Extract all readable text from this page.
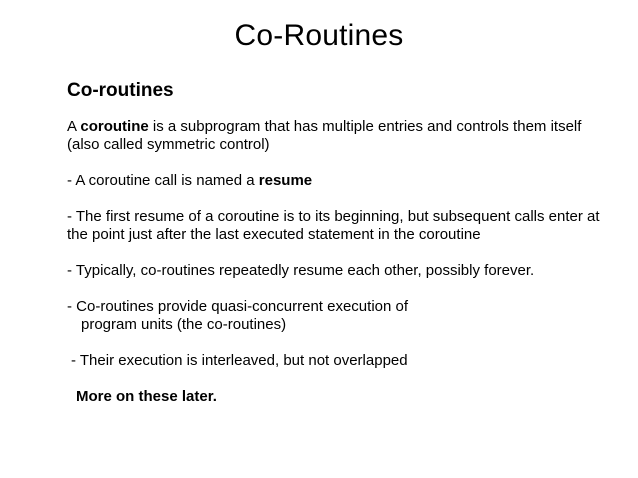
Co-Routines
Co-routines
A coroutine is a subprogram that has multiple entries and controls them itself (also called symmetric control)
- A coroutine call is named a resume
- The first resume of a coroutine is to its beginning, but subsequent calls enter at the point just after the last executed statement in the coroutine
- Typically, co-routines repeatedly resume each other, possibly forever.
- Co-routines provide quasi-concurrent execution of
program units (the co-routines)
- Their execution is interleaved, but not overlapped
More on these later.
